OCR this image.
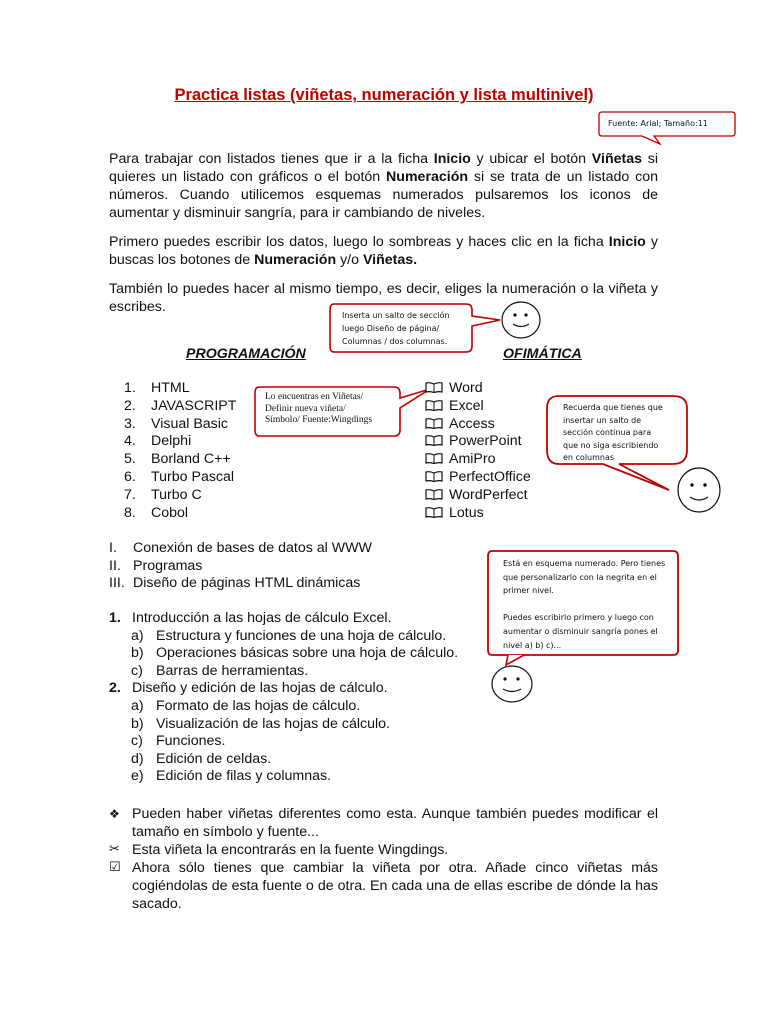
Practica listas (viñetas, numeración y lista multinivel)
Fuente: Arial; Tamaño:11

Para trabajar con listados tienes que ir a la ficha Inicio y ubicar el botón Viñetas si quieres un listado con gráficos o el botón Numeración si se trata de un listado con números. Cuando utilicemos esquemas numerados pulsaremos los iconos de aumentar y disminuir sangría, para ir cambiando de niveles.

Primero puedes escribir los datos, luego lo sombreas y haces clic en la ficha Inicio y buscas los botones de Numeración y/o Viñetas.

También lo puedes hacer al mismo tiempo, es decir, eliges la numeración o la viñeta y escribes.

Inserta un salto de sección
luego Diseño de página/
Columnas / dos columnas.
PROGRAMACIÓN	OFIMÁTICA
1. HTML
2. JAVASCRIPT
3. Visual Basic
4. Delphi
5. Borland C++
6. Turbo Pascal
7. Turbo C
8. Cobol
Lo encuentras en Viñetas/
Definir nueva viñeta/
Símbolo/ Fuente:Wingdings
Word
Excel
Access
PowerPoint
AmiPro
PerfectOffice
WordPerfect
Lotus
Recuerda que tienes que
insertar un salto de
sección continua para
que no siga escribiendo
en columnas
I. Conexión de bases de datos al WWW
II. Programas
III. Diseño de páginas HTML dinámicas
Está en esquema numerado. Pero tienes
que personalizarlo con la negrita en el
primer nivel.
Puedes escribirlo primero y luego con
aumentar o disminuir sangría pones el
nivel a) b) c)...
1. Introducción a las hojas de cálculo Excel.
a) Estructura y funciones de una hoja de cálculo.
b) Operaciones básicas sobre una hoja de cálculo.
c) Barras de herramientas.
2. Diseño y edición de las hojas de cálculo.
a) Formato de las hojas de cálculo.
b) Visualización de las hojas de cálculo.
c) Funciones.
d) Edición de celdas.
e) Edición de filas y columnas.
❖ Pueden haber viñetas diferentes como esta. Aunque también puedes modificar el tamaño en símbolo y fuente...
✂ Esta viñeta la encontrarás en la fuente Wingdings.
☑ Ahora sólo tienes que cambiar la viñeta por otra. Añade cinco viñetas más cogiéndolas de esta fuente o de otra. En cada una de ellas escribe de dónde la has sacado.
